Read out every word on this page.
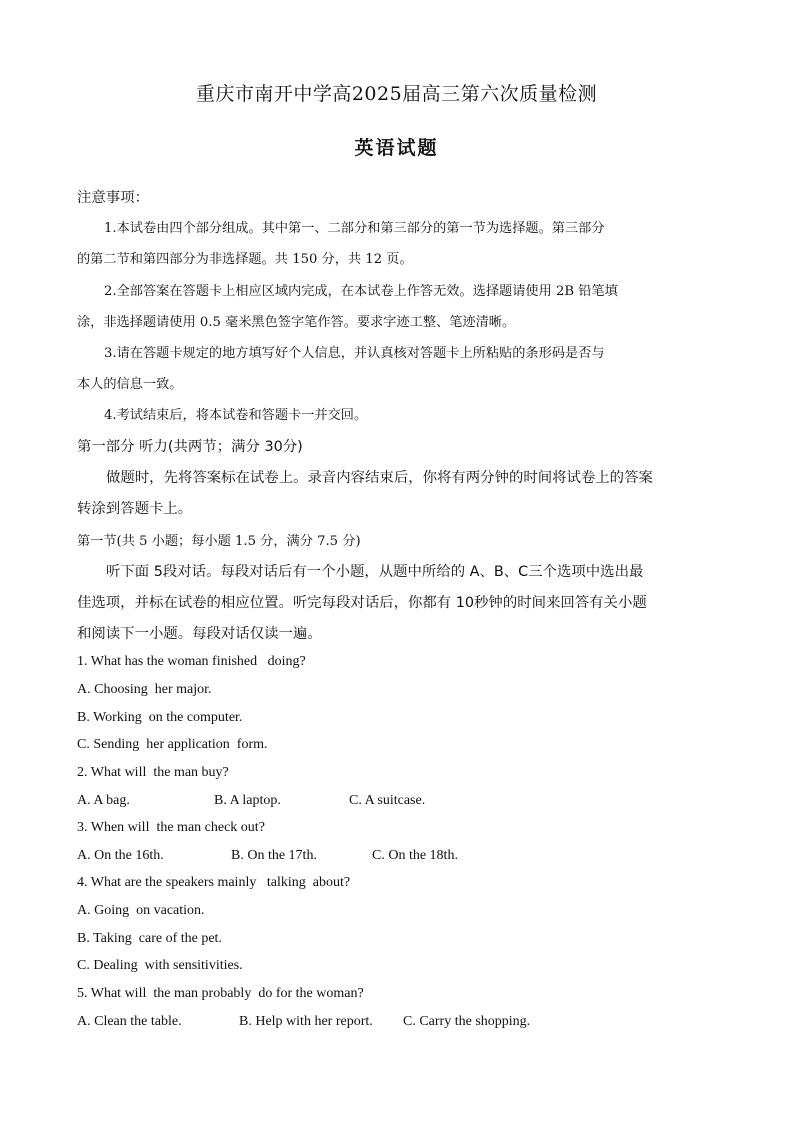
重庆市南开中学高2025届高三第六次质量检测
英语试题
注意事项：
1.本试卷由四个部分组成。其中第一、二部分和第三部分的第一节为选择题。第三部分
的第二节和第四部分为非选择题。共 150 分，共 12 页。
2.全部答案在答题卡上相应区域内完成，在本试卷上作答无效。选择题请使用 2B 铅笔填
涂，非选择题请使用 0.5 毫米黑色签字笔作答。要求字迹工整、笔迹清晰。
3.请在答题卡规定的地方填写好个人信息，并认真核对答题卡上所粘贴的条形码是否与
本人的信息一致。
4.考试结束后，将本试卷和答题卡一并交回。
第一部分 听力(共两节；满分 30分)
做题时，先将答案标在试卷上。录音内容结束后，你将有两分钟的时间将试卷上的答案
转涂到答题卡上。
第一节(共 5 小题；每小题 1.5 分，满分 7.5 分)
听下面 5段对话。每段对话后有一个小题，从题中所给的 A、B、C三个选项中选出最
佳选项，并标在试卷的相应位置。听完每段对话后，你都有 10秒钟的时间来回答有关小题
和阅读下一小题。每段对话仅读一遍。
1. What has the woman finished   doing?
A. Choosing  her major.
B. Working  on the computer.
C. Sending  her application  form.
2. What will  the man buy?
A. A bag.	B. A laptop.	C. A suitcase.
3. When will  the man check out?
A. On the 16th.	B. On the 17th.	C. On the 18th.
4. What are the speakers mainly   talking  about?
A. Going  on vacation.
B. Taking  care of the pet.
C. Dealing  with sensitivities.
5. What will  the man probably  do for the woman?
A. Clean the table.	B. Help with her report. C. Carry the shopping.
